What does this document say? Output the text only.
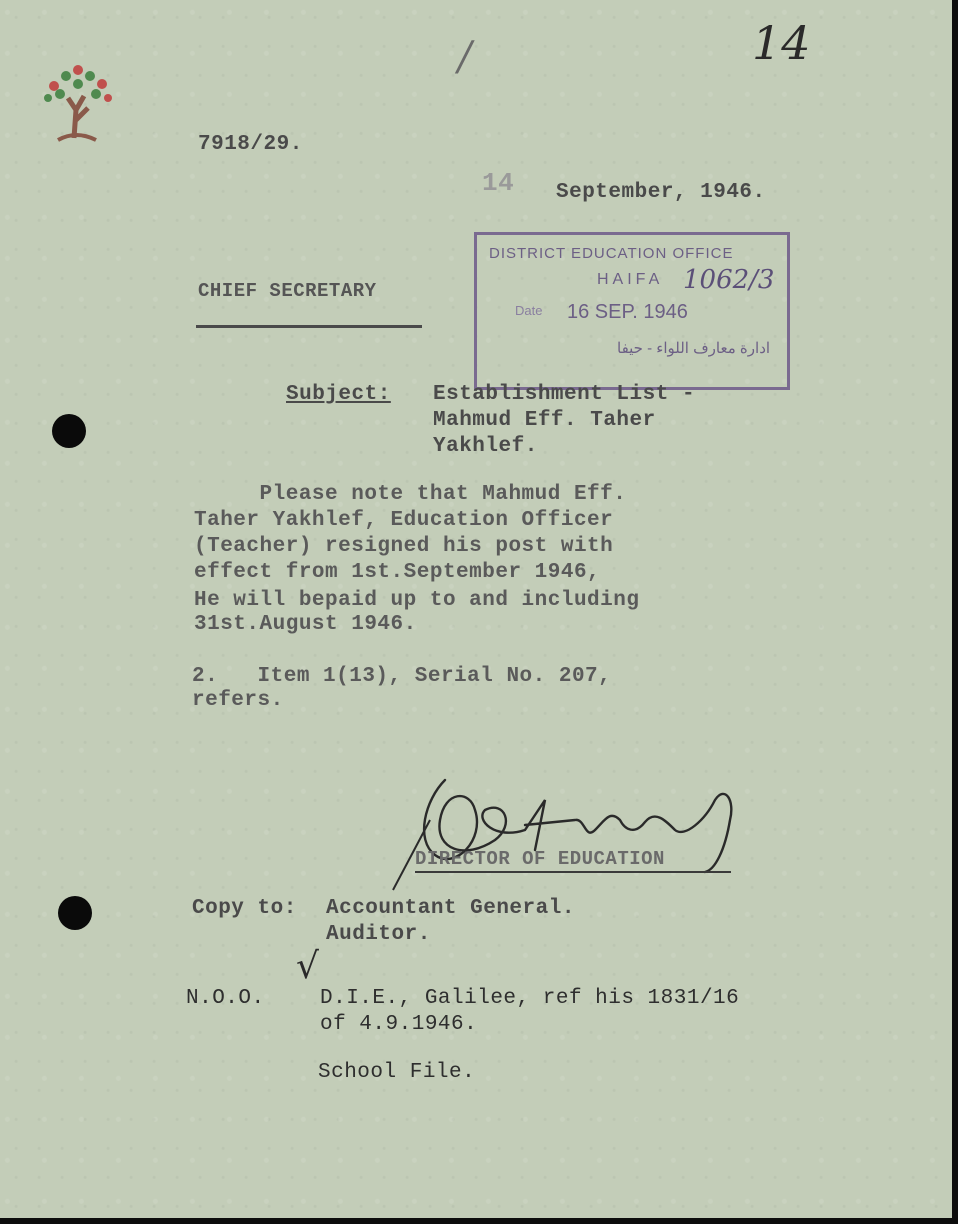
14
/
7918/29.
14 September, 1946.
CHIEF SECRETARY
DISTRICT EDUCATION OFFICE
HAIFA 1062/3
Date 16 SEP. 1946
ادارة معارف اللواء - حيفا
Subject: Establishment List -
Mahmud Eff. Taher
Yakhlef.
Please note that Mahmud Eff.
Taher Yakhlef, Education Officer
(Teacher) resigned his post with
effect from 1st.September 1946,
He will bepaid up to and including
31st.August 1946.
2.   Item 1(13), Serial No. 207,
refers.
DIRECTOR OF EDUCATION
Copy to: Accountant General.
Auditor.
N.O.O.
√
D.I.E., Galilee, ref his 1831/16
of 4.9.1946.
School File.
